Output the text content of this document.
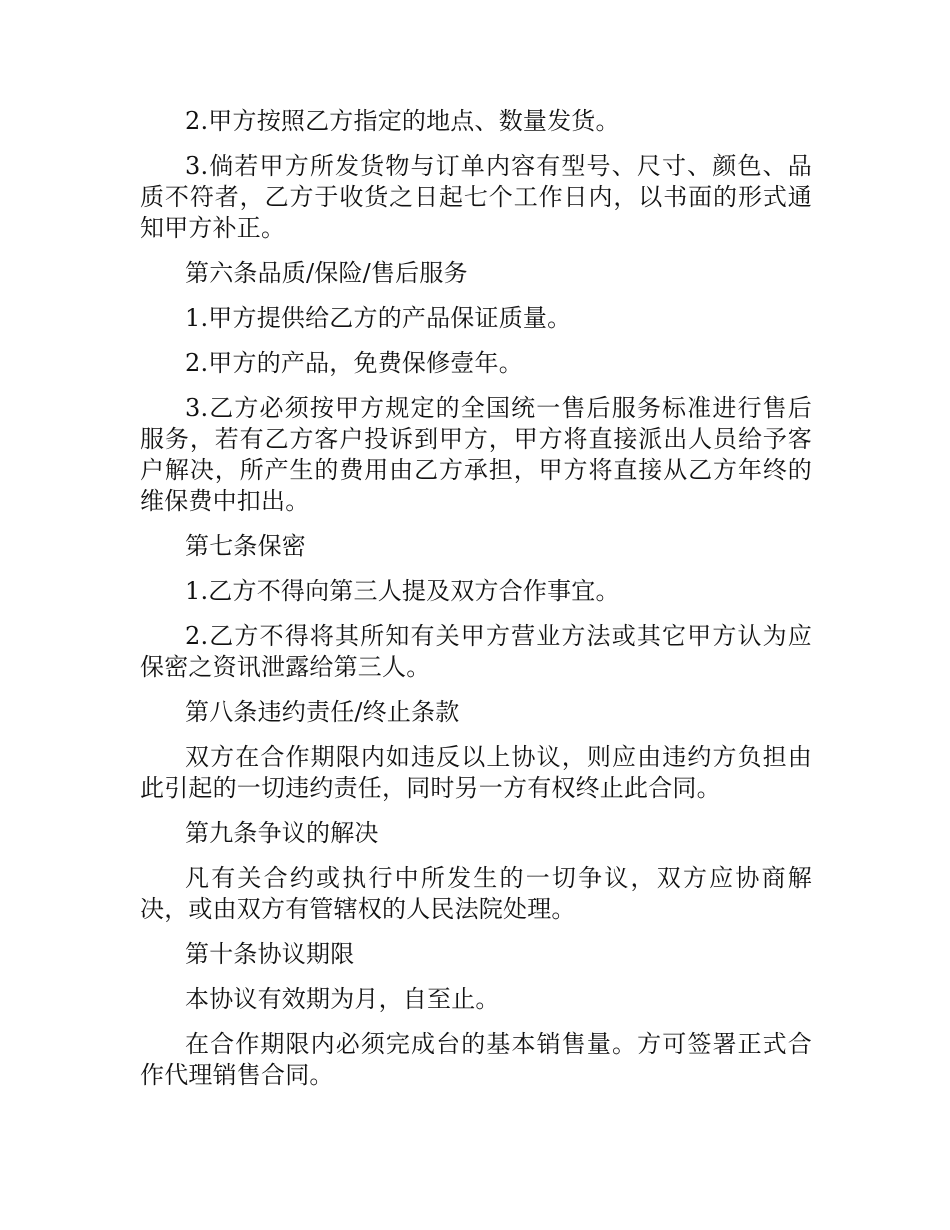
2.甲方按照乙方指定的地点、数量发货。

3.倘若甲方所发货物与订单内容有型号、尺寸、颜色、品质不符者，乙方于收货之日起七个工作日内，以书面的形式通知甲方补正。

第六条品质/保险/售后服务

1.甲方提供给乙方的产品保证质量。

2.甲方的产品，免费保修壹年。

3.乙方必须按甲方规定的全国统一售后服务标准进行售后服务，若有乙方客户投诉到甲方，甲方将直接派出人员给予客户解决，所产生的费用由乙方承担，甲方将直接从乙方年终的维保费中扣出。

第七条保密

1.乙方不得向第三人提及双方合作事宜。

2.乙方不得将其所知有关甲方营业方法或其它甲方认为应保密之资讯泄露给第三人。

第八条违约责任/终止条款

双方在合作期限内如违反以上协议，则应由违约方负担由此引起的一切违约责任，同时另一方有权终止此合同。

第九条争议的解决

凡有关合约或执行中所发生的一切争议，双方应协商解决，或由双方有管辖权的人民法院处理。

第十条协议期限

本协议有效期为月，自至止。

在合作期限内必须完成台的基本销售量。方可签署正式合作代理销售合同。
